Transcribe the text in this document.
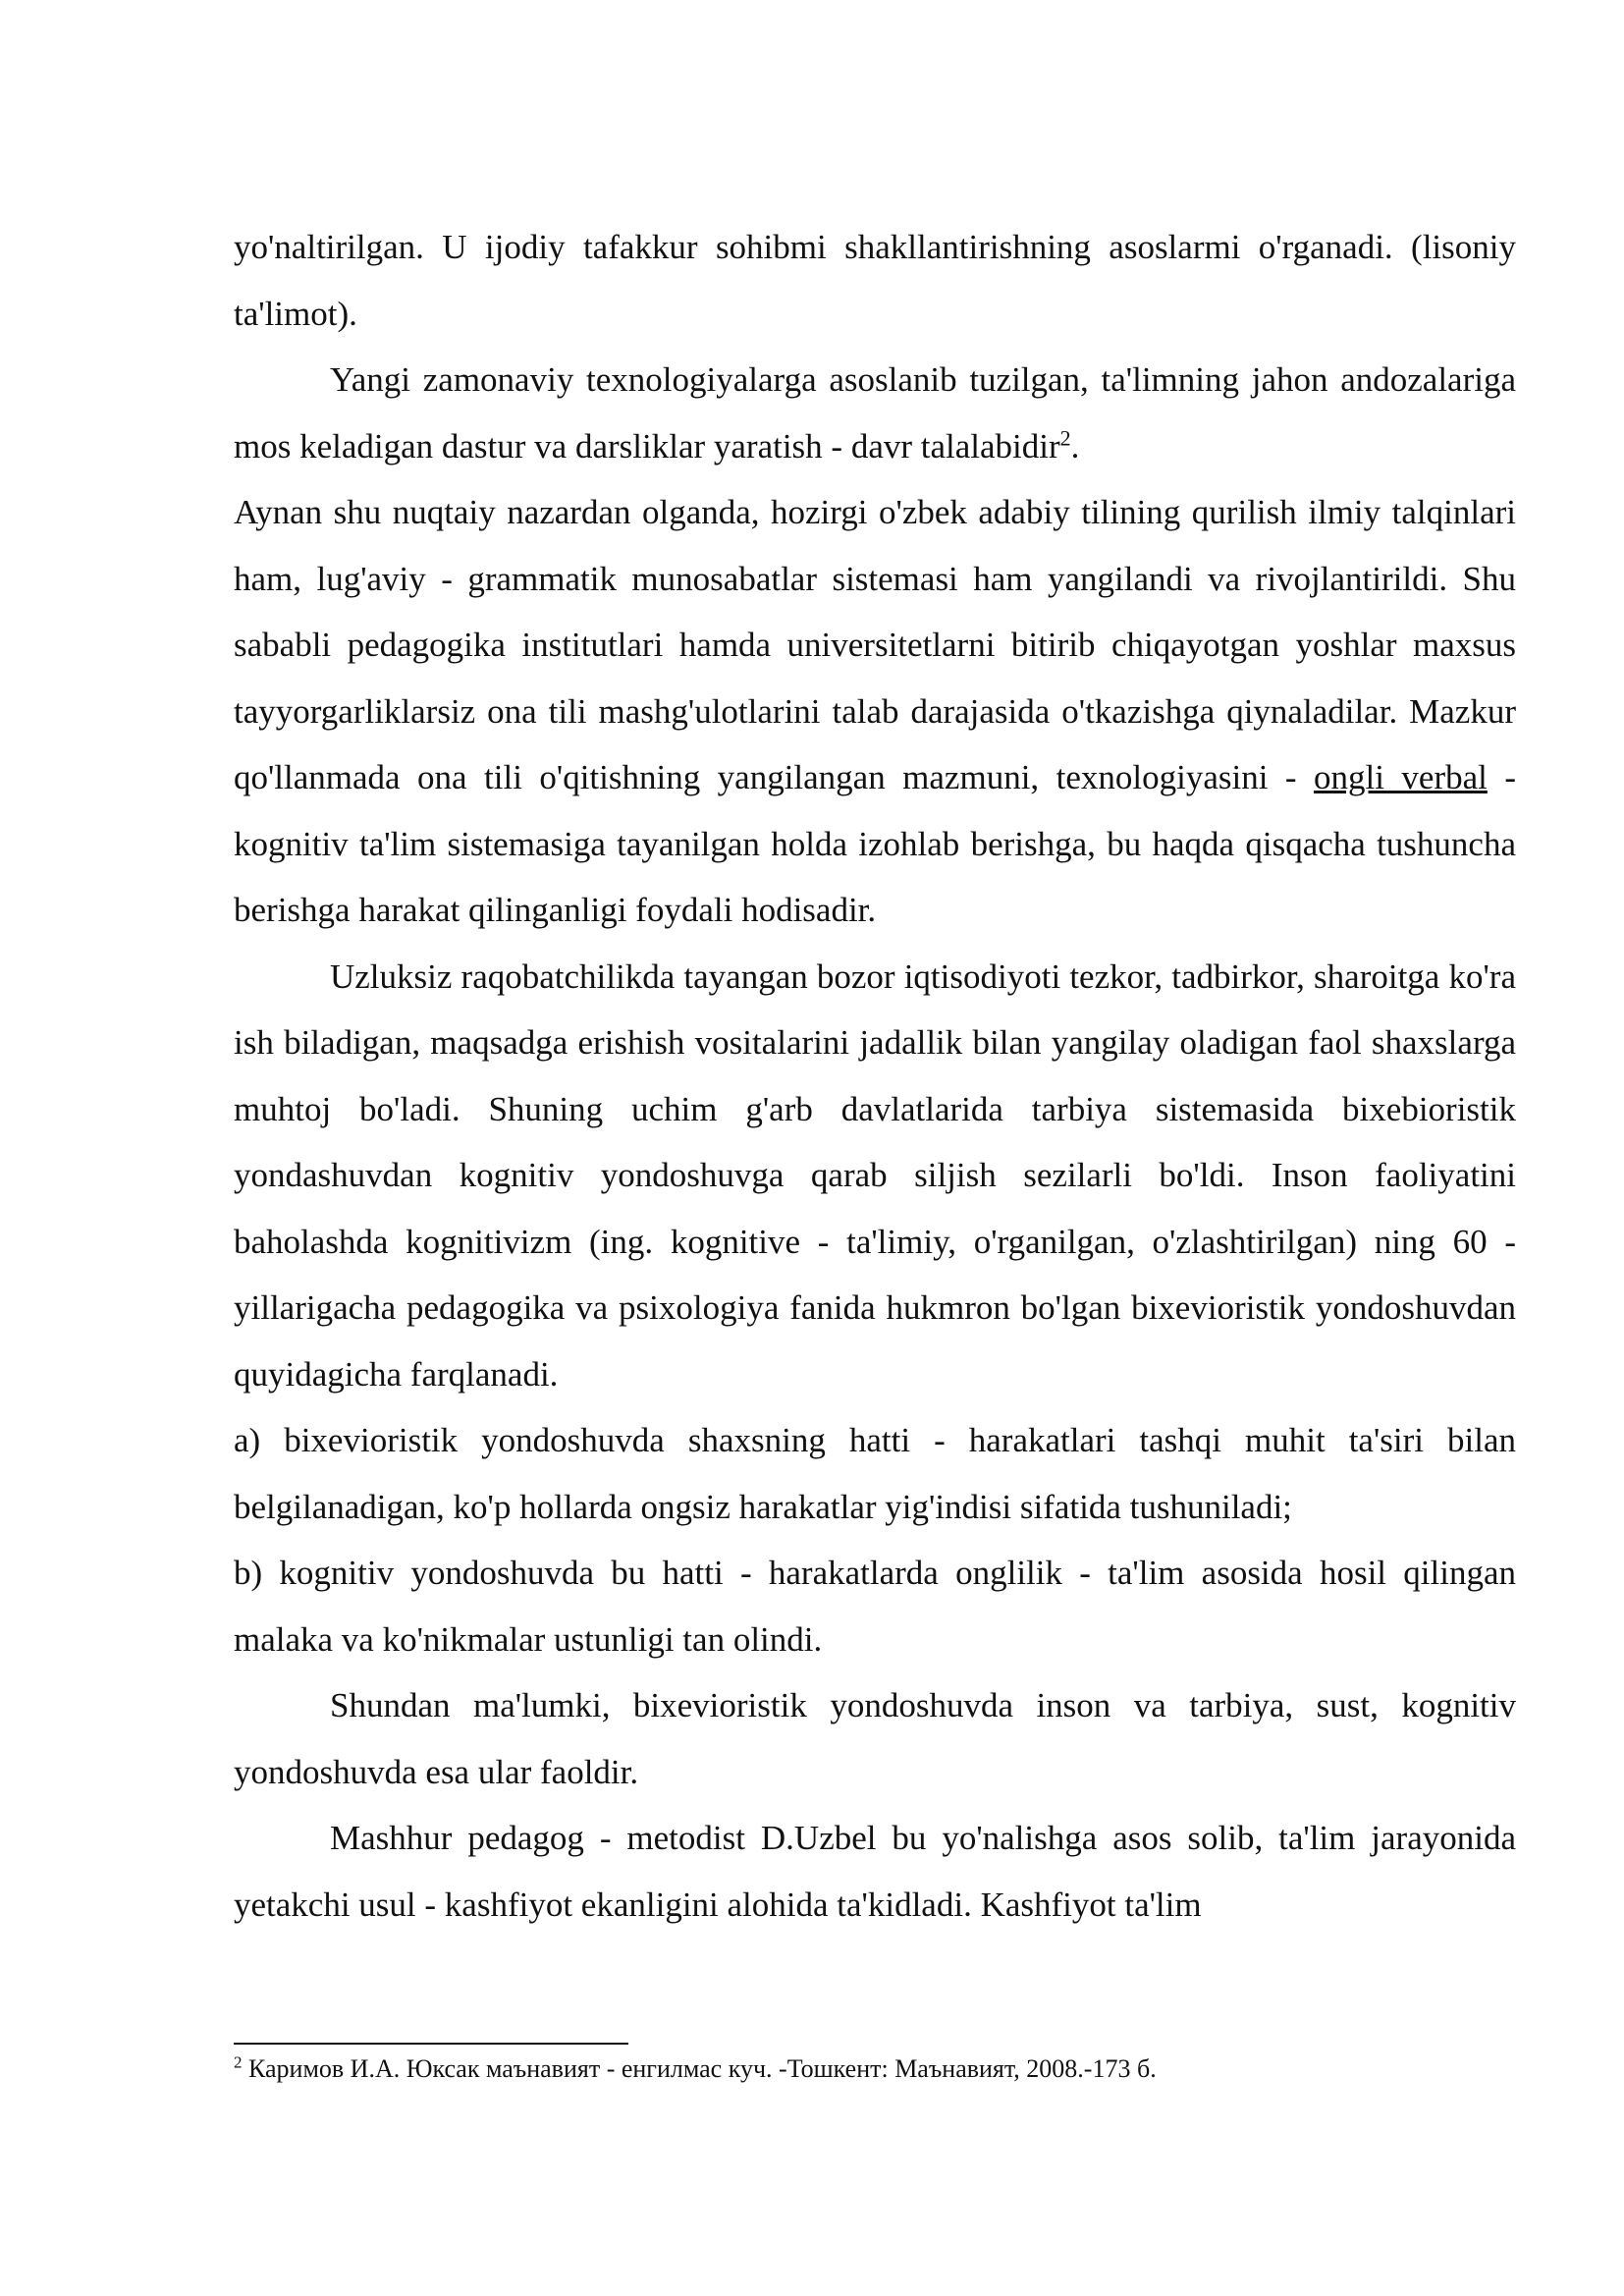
yo'naltirilgan. U ijodiy tafakkur sohibmi shakllantirishning asoslarmi o'rganadi. (lisoniy ta'limot).

Yangi zamonaviy texnologiyalarga asoslanib tuzilgan, ta'limning jahon andozalariga mos keladigan dastur va darsliklar yaratish - davr talalabidir$^2$.

Aynan shu nuqtaiy nazardan olganda, hozirgi o'zbek adabiy tilining qurilish ilmiy talqinlari ham, lug'aviy - grammatik munosabatlar sistemasi ham yangilandi va rivojlantirildi. Shu sababli pedagogika institutlari hamda universitetlarni bitirib chiqayotgan yoshlar maxsus tayyorgarliklarsiz ona tili mashg'ulotlarini talab darajasida o'tkazishga qiynaladilar. Mazkur qo'llanmada ona tili o'qitishning yangilangan mazmuni, texnologiyasini - ongli verbal - kognitiv ta'lim sistemasiga tayanilgan holda izohlab berishga, bu haqda qisqacha tushuncha berishga harakat qilinganligi foydali hodisadir.

Uzluksiz raqobatchilikda tayangan bozor iqtisodiyoti tezkor, tadbirkor, sharoitga ko'ra ish biladigan, maqsadga erishish vositalarini jadallik bilan yangilay oladigan faol shaxslarga muhtoj bo'ladi. Shuning uchim g'arb davlatlarida tarbiya sistemasida bixebioristik yondashuvdan kognitiv yondoshuvga qarab siljish sezilarli bo'ldi. Inson faoliyatini baholashda kognitivizm (ing. kognitive - ta'limiy, o'rganilgan, o'zlashtirilgan) ning 60 - yillarigacha pedagogika va psixologiya fanida hukmron bo'lgan bixevioristik yondoshuvdan quyidagicha farqlanadi.

a) bixevioristik yondoshuvda shaxsning hatti - harakatlari tashqi muhit ta'siri bilan belgilanadigan, ko'p hollarda ongsiz harakatlar yig'indisi sifatida tushuniladi;

b) kognitiv yondoshuvda bu hatti - harakatlarda onglilik - ta'lim asosida hosil qilingan malaka va ko'nikmalar ustunligi tan olindi.

Shundan ma'lumki, bixevioristik yondoshuvda inson va tarbiya, sust, kognitiv yondoshuvda esa ular faoldir.

Mashhur pedagog - metodist D.Uzbel bu yo'nalishga asos solib, ta'lim jarayonida yetakchi usul - kashfiyot ekanligini alohida ta'kidladi. Kashfiyot ta'lim

$^2$ Каримов И.А. Юксак маънавият - енгилмас куч. -Тошкент: Маънавият, 2008.-173 б.
